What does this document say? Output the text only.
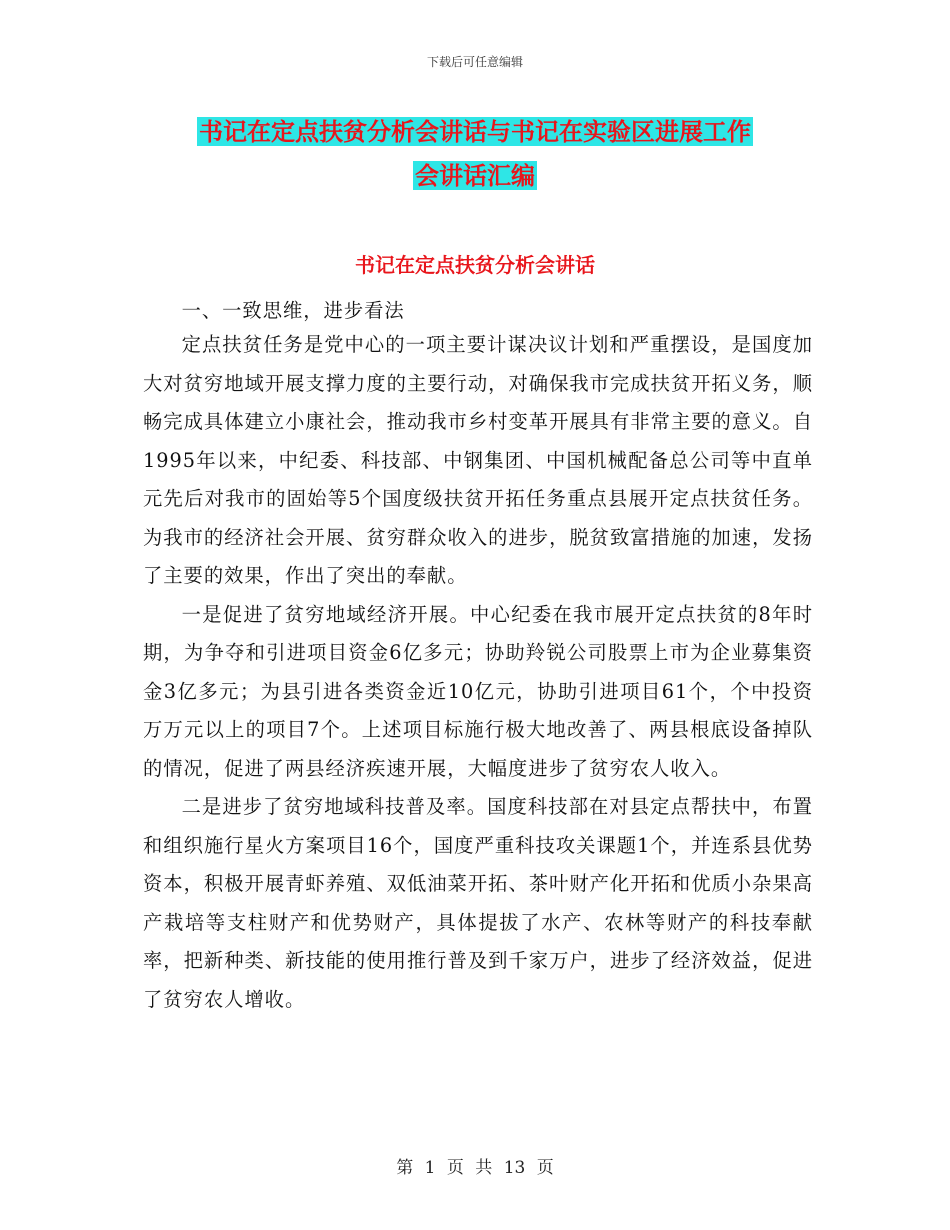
下载后可任意编辑
书记在定点扶贫分析会讲话与书记在实验区进展工作
会讲话汇编
书记在定点扶贫分析会讲话

一、一致思维，进步看法

定点扶贫任务是党中心的一项主要计谋决议计划和严重摆设，是国度加大对贫穷地域开展支撑力度的主要行动，对确保我市完成扶贫开拓义务，顺畅完成具体建立小康社会，推动我市乡村变革开展具有非常主要的意义。自1995年以来，中纪委、科技部、中钢集团、中国机械配备总公司等中直单元先后对我市的固始等5个国度级扶贫开拓任务重点县展开定点扶贫任务。为我市的经济社会开展、贫穷群众收入的进步，脱贫致富措施的加速，发扬了主要的效果，作出了突出的奉献。

一是促进了贫穷地域经济开展。中心纪委在我市展开定点扶贫的8年时期，为争夺和引进项目资金6亿多元；协助羚锐公司股票上市为企业募集资金3亿多元；为县引进各类资金近10亿元，协助引进项目61个，个中投资万万元以上的项目7个。上述项目标施行极大地改善了、两县根底设备掉队的情况，促进了两县经济疾速开展，大幅度进步了贫穷农人收入。

二是进步了贫穷地域科技普及率。国度科技部在对县定点帮扶中，布置和组织施行星火方案项目16个，国度严重科技攻关课题1个，并连系县优势资本，积极开展青虾养殖、双低油菜开拓、茶叶财产化开拓和优质小杂果高产栽培等支柱财产和优势财产，具体提拔了水产、农林等财产的科技奉献率，把新种类、新技能的使用推行普及到千家万户，进步了经济效益，促进了贫穷农人增收。

第 1 页 共 13 页
